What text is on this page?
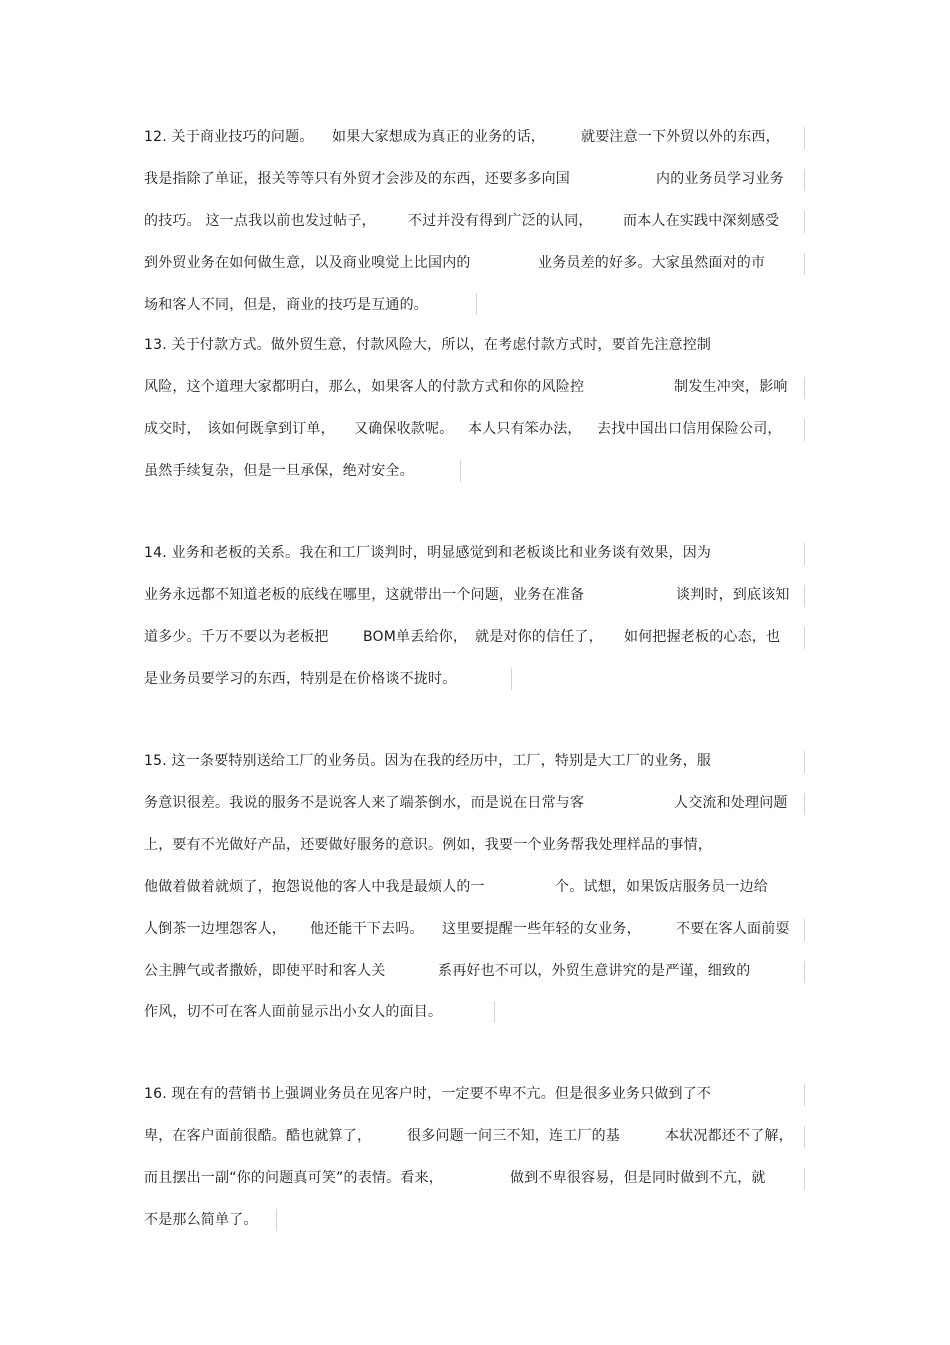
12. 关于商业技巧的问题。

如果大家想成为真正的业务的话，

	就要注意一下外贸以外的东西，

我是指除了单证，报关等等只有外贸才会涉及的东西，还要多多向国

	内的业务员学习业务

的技巧。 这一点我以前也发过帖子，

不过并没有得到广泛的认同，

而本人在实践中深刻感受

到外贸业务在如何做生意，以及商业嗅觉上比国内的

	业务员差的好多。大家虽然面对的市

场和客人不同，但是，商业的技巧是互通的。

13. 关于付款方式。做外贸生意，付款风险大，所以，在考虑付款方式时，要首先注意控制

风险，这个道理大家都明白，那么，如果客人的付款方式和你的风险控

	制发生冲突，影响

成交时，

该如何既拿到订单，

又确保收款呢。

本人只有笨办法，

去找中国出口信用保险公司，

虽然手续复杂，但是一旦承保，绝对安全。

14. 业务和老板的关系。我在和工厂谈判时，明显感觉到和老板谈比和业务谈有效果，因为

业务永远都不知道老板的底线在哪里，这就带出一个问题，业务在准备

	谈判时，到底该知

道多少。千万不要以为老板把

BOM单丢给你，

就是对你的信任了，

如何把握老板的心态，也

是业务员要学习的东西，特别是在价格谈不拢时。

15. 这一条要特别送给工厂的业务员。因为在我的经历中，工厂，特别是大工厂的业务，服

务意识很差。我说的服务不是说客人来了端茶倒水，而是说在日常与客

	人交流和处理问题

上，要有不光做好产品，还要做好服务的意识。例如，我要一个业务帮我处理样品的事情，

他做着做着就烦了，抱怨说他的客人中我是最烦人的一

	个。试想，如果饭店服务员一边给

人倒茶一边埋怨客人，

他还能干下去吗。

这里要提醒一些年轻的女业务，

	不要在客人面前耍

公主脾气或者撒娇，即使平时和客人关

	系再好也不可以，外贸生意讲究的是严谨，细致的

作风，切不可在客人面前显示出小女人的面目。

16. 现在有的营销书上强调业务员在见客户时，一定要不卑不亢。但是很多业务只做到了不

卑，在客户面前很酷。酷也就算了，

	很多问题一问三不知，连工厂的基

	本状况都还不了解，

而且摆出一副“你的问题真可笑”的表情。看来，

	做到不卑很容易，但是同时做到不亢，就

不是那么简单了。
